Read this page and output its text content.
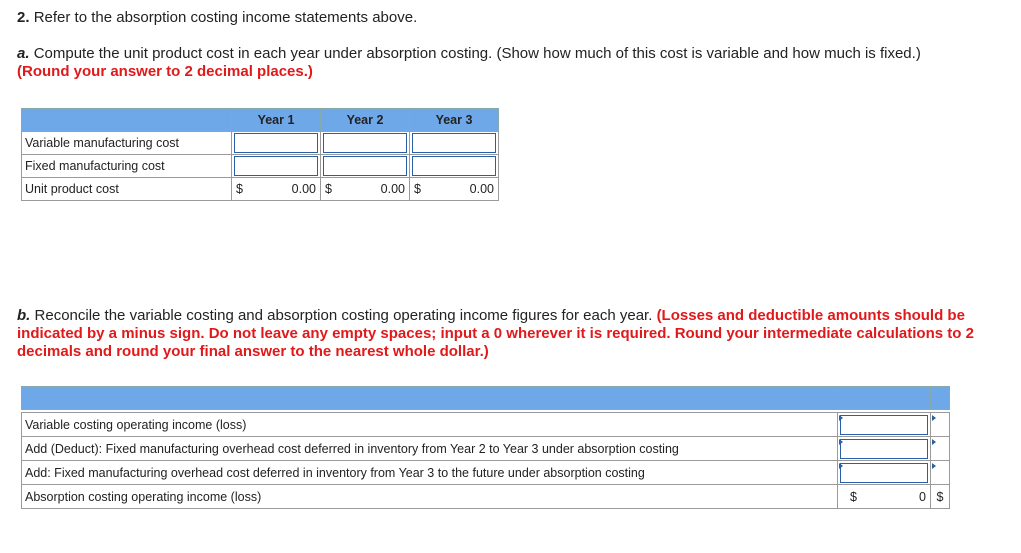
2. Refer to the absorption costing income statements above.
a. Compute the unit product cost in each year under absorption costing. (Show how much of this cost is variable and how much is fixed.) (Round your answer to 2 decimal places.)
	Year 1	Year 2	Year 3
Variable manufacturing cost	

Fixed manufacturing cost	

Unit product cost	$ 0.00	$ 0.00	$ 0.00
b. Reconcile the variable costing and absorption costing operating income figures for each year. (Losses and deductible amounts should be indicated by a minus sign. Do not leave any empty spaces; input a 0 wherever it is required. Round your intermediate calculations to 2 decimals and round your final answer to the nearest whole dollar.)

Variable costing operating income (loss)	

Add (Deduct): Fixed manufacturing overhead cost deferred in inventory from Year 2 to Year 3 under absorption costing	

Add: Fixed manufacturing overhead cost deferred in inventory from Year 3 to the future under absorption costing	

Absorption costing operating income (loss)	$ 0	$
